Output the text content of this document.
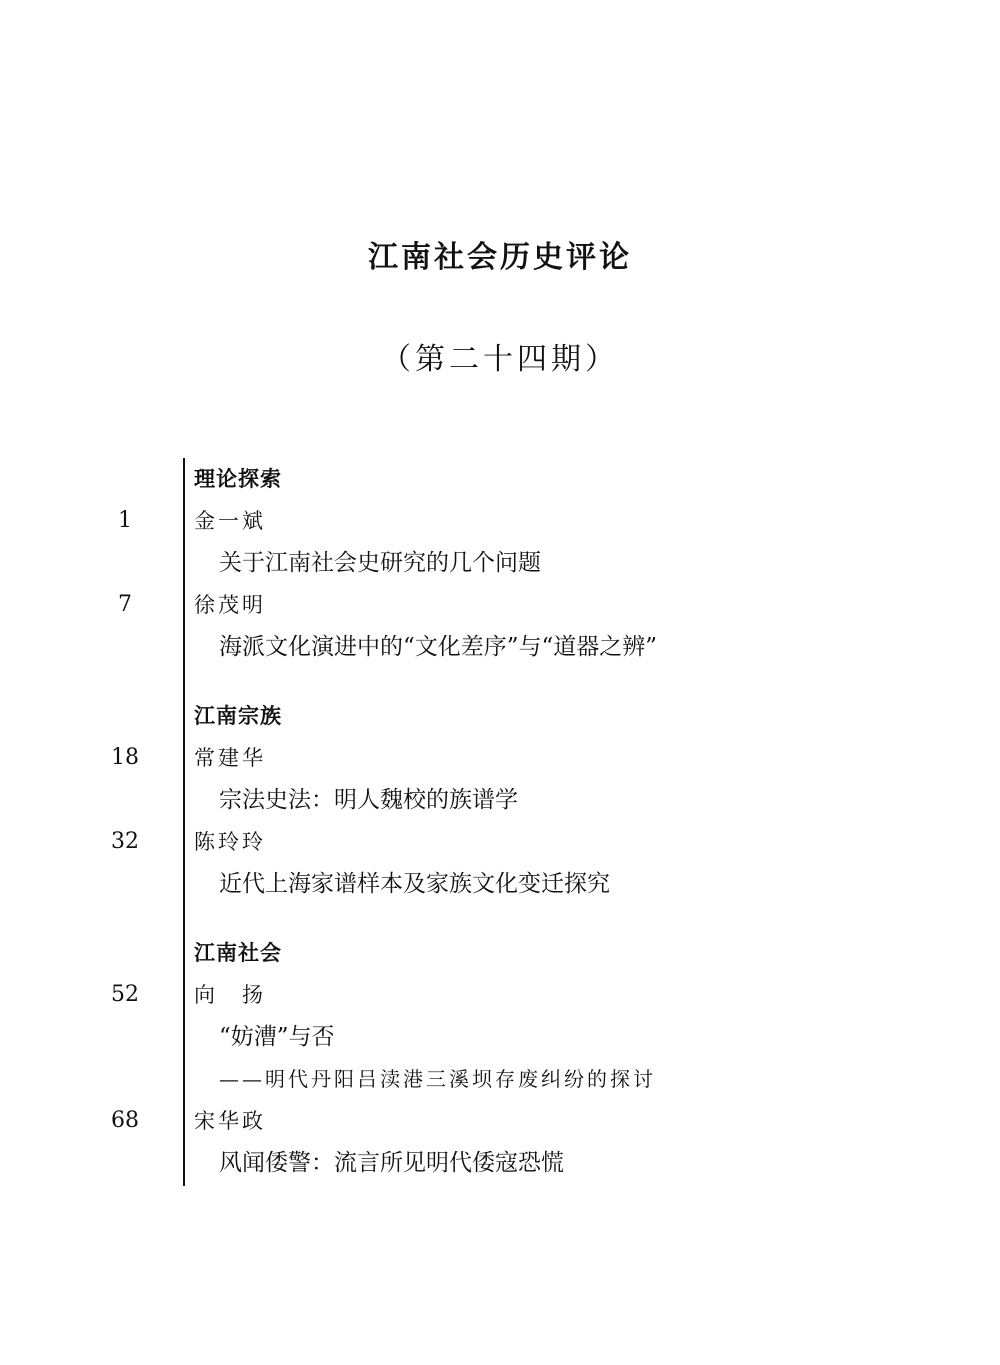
江南社会历史评论
（第二十四期）
理论探索
1	金一斌
关于江南社会史研究的几个问题
7	徐茂明
海派文化演进中的“文化差序”与“道器之辨”
江南宗族
18	常建华
宗法史法：明人魏校的族谱学
32	陈玲玲
近代上海家谱样本及家族文化变迁探究
江南社会
52	向　扬
“妨漕”与否
——明代丹阳吕渎港三溪坝存废纠纷的探讨
68	宋华政
风闻倭警：流言所见明代倭寇恐慌
